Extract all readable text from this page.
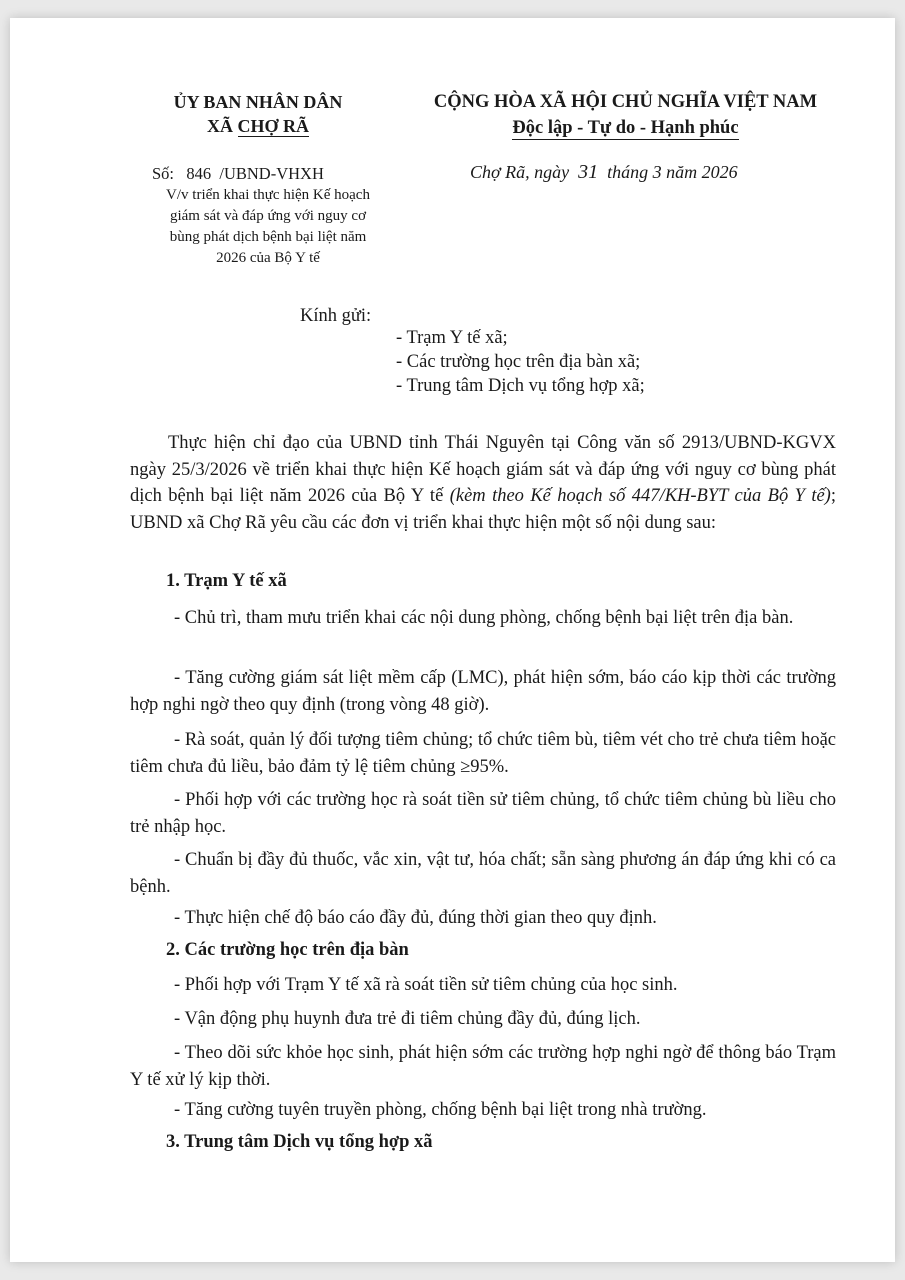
ỦY BAN NHÂN DÂN
XÃ CHỢ RÃ
CỘNG HÒA XÃ HỘI CHỦ NGHĨA VIỆT NAM
Độc lập - Tự do - Hạnh phúc
Số: 846 /UBND-VHXH
V/v triển khai thực hiện Kế hoạch
giám sát và đáp ứng với nguy cơ
bùng phát dịch bệnh bại liệt năm
2026 của Bộ Y tế
Chợ Rã, ngày 31 tháng 3 năm 2026
Kính gửi:
- Trạm Y tế xã;
- Các trường học trên địa bàn xã;
- Trung tâm Dịch vụ tổng hợp xã;
Thực hiện chỉ đạo của UBND tỉnh Thái Nguyên tại Công văn số 2913/UBND-KGVX ngày 25/3/2026 về triển khai thực hiện Kế hoạch giám sát và đáp ứng với nguy cơ bùng phát dịch bệnh bại liệt năm 2026 của Bộ Y tế (kèm theo Kế hoạch số 447/KH-BYT của Bộ Y tế); UBND xã Chợ Rã yêu cầu các đơn vị triển khai thực hiện một số nội dung sau:
1. Trạm Y tế xã
- Chủ trì, tham mưu triển khai các nội dung phòng, chống bệnh bại liệt trên địa bàn.
- Tăng cường giám sát liệt mềm cấp (LMC), phát hiện sớm, báo cáo kịp thời các trường hợp nghi ngờ theo quy định (trong vòng 48 giờ).
- Rà soát, quản lý đối tượng tiêm chủng; tổ chức tiêm bù, tiêm vét cho trẻ chưa tiêm hoặc tiêm chưa đủ liều, bảo đảm tỷ lệ tiêm chủng ≥95%.
- Phối hợp với các trường học rà soát tiền sử tiêm chủng, tổ chức tiêm chủng bù liều cho trẻ nhập học.
- Chuẩn bị đầy đủ thuốc, vắc xin, vật tư, hóa chất; sẵn sàng phương án đáp ứng khi có ca bệnh.
- Thực hiện chế độ báo cáo đầy đủ, đúng thời gian theo quy định.
2. Các trường học trên địa bàn
- Phối hợp với Trạm Y tế xã rà soát tiền sử tiêm chủng của học sinh.
- Vận động phụ huynh đưa trẻ đi tiêm chủng đầy đủ, đúng lịch.
- Theo dõi sức khỏe học sinh, phát hiện sớm các trường hợp nghi ngờ để thông báo Trạm Y tế xử lý kịp thời.
- Tăng cường tuyên truyền phòng, chống bệnh bại liệt trong nhà trường.
3. Trung tâm Dịch vụ tổng hợp xã
